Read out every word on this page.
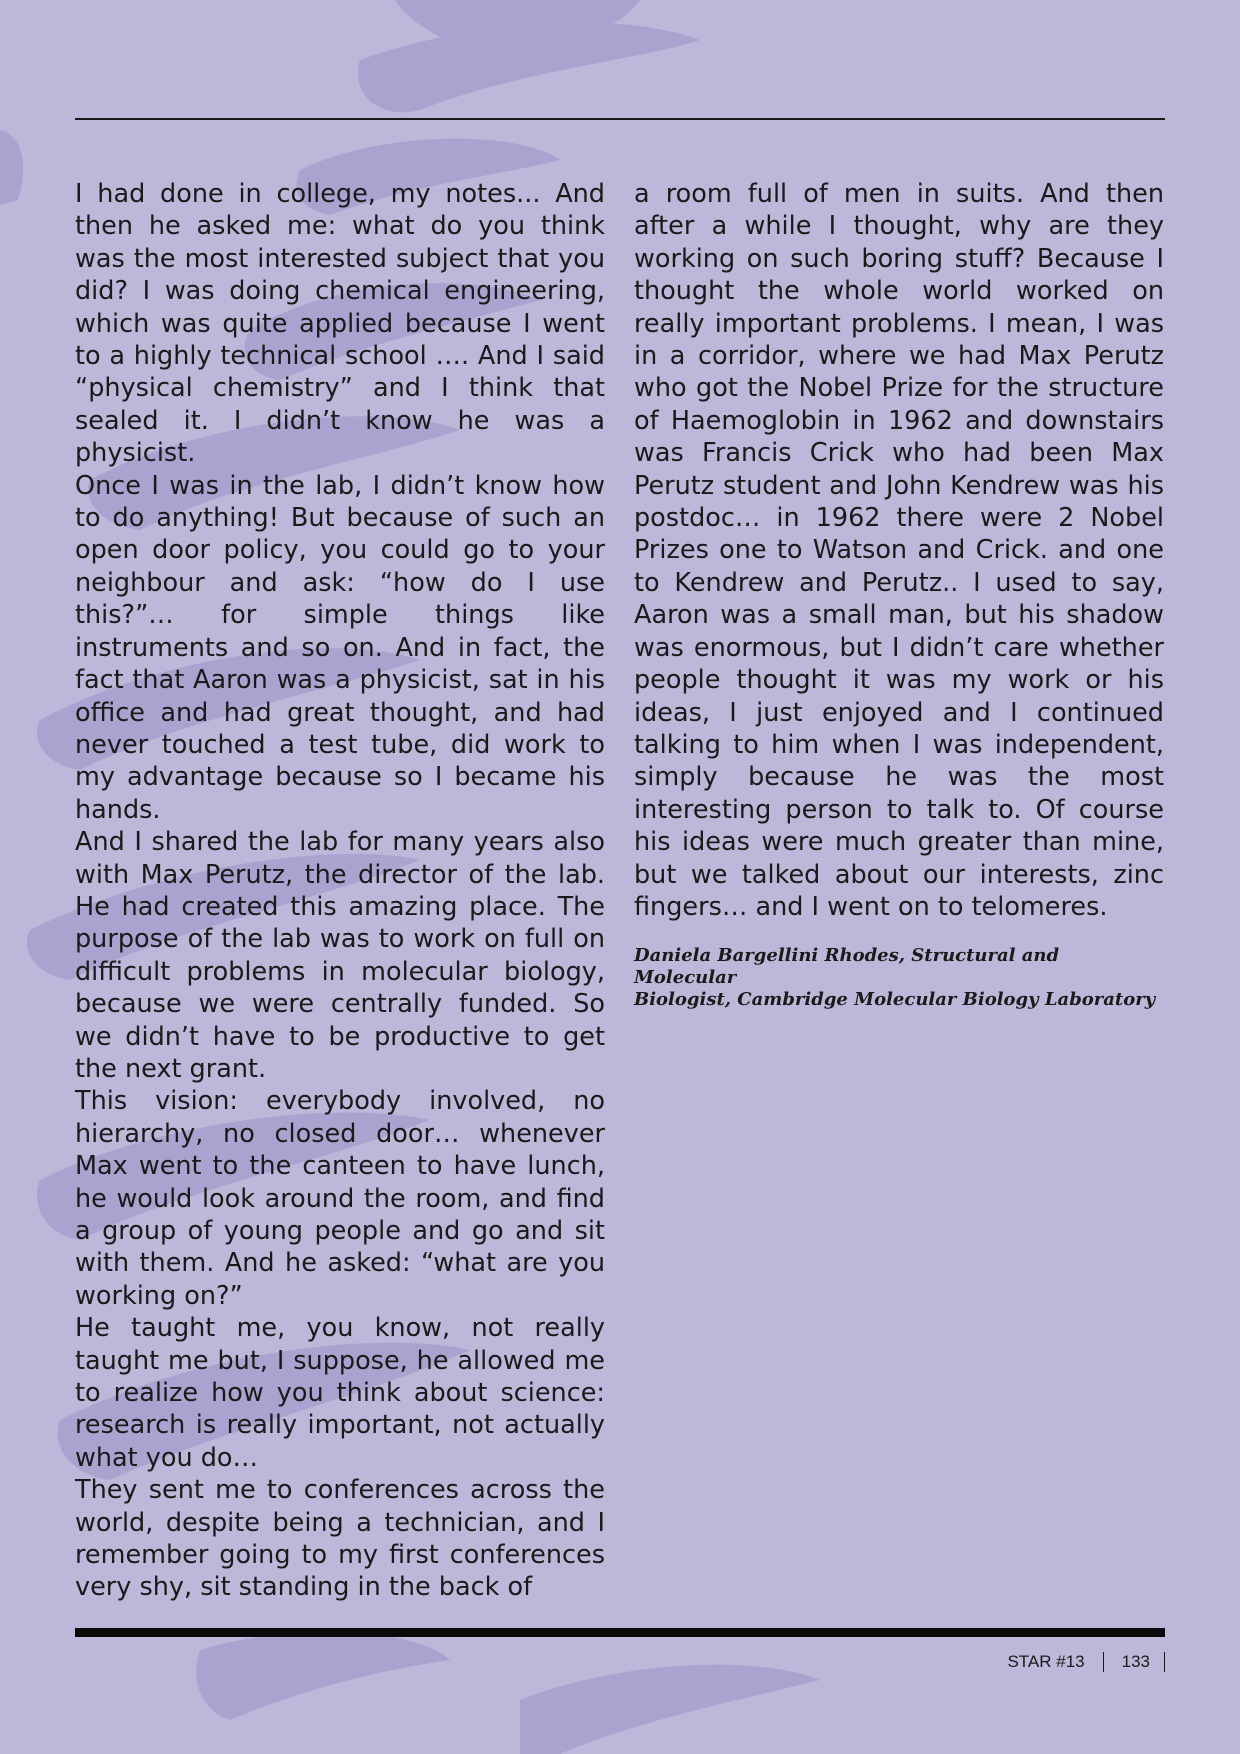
I had done in college, my notes... And then he asked me: what do you think was the most interested subject that you did? I was doing chemical engineering, which was quite applied because I went to a highly technical school …. And I said “physical chemistry” and I think that sealed it. I didn’t know he was a physicist.

Once I was in the lab, I didn’t know how to do anything! But because of such an open door policy, you could go to your neighbour and ask: “how do I use this?”… for simple things like instruments and so on. And in fact, the fact that Aaron was a physicist, sat in his office and had great thought, and had never touched a test tube, did work to my advantage because so I became his hands.

And I shared the lab for many years also with Max Perutz, the director of the lab. He had created this amazing place. The purpose of the lab was to work on full on difficult problems in molecular biology, because we were centrally funded. So we didn’t have to be productive to get the next grant.

This vision: everybody involved, no hierarchy, no closed door… whenever Max went to the canteen to have lunch, he would look around the room, and find a group of young people and go and sit with them. And he asked: “what are you working on?”

He taught me, you know, not really taught me but, I suppose, he allowed me to realize how you think about science: research is really important, not actually what you do…

They sent me to conferences across the world, despite being a technician, and I remember going to my first conferences very shy, sit standing in the back of

a room full of men in suits. And then after a while I thought, why are they working on such boring stuff? Because I thought the whole world worked on really important problems. I mean, I was in a corridor, where we had Max Perutz who got the Nobel Prize for the structure of Haemoglobin in 1962 and downstairs was Francis Crick who had been Max Perutz student and John Kendrew was his postdoc… in 1962 there were 2 Nobel Prizes one to Watson and Crick. and one to Kendrew and Perutz.. I used to say, Aaron was a small man, but his shadow was enormous, but I didn’t care whether people thought it was my work or his ideas, I just enjoyed and I continued talking to him when I was independent, simply because he was the most interesting person to talk to. Of course his ideas were much greater than mine, but we talked about our interests, zinc fingers… and I went on to telomeres.

Daniela Bargellini Rhodes, Structural and Molecular
Biologist, Cambridge Molecular Biology Laboratory
STAR #13 133
